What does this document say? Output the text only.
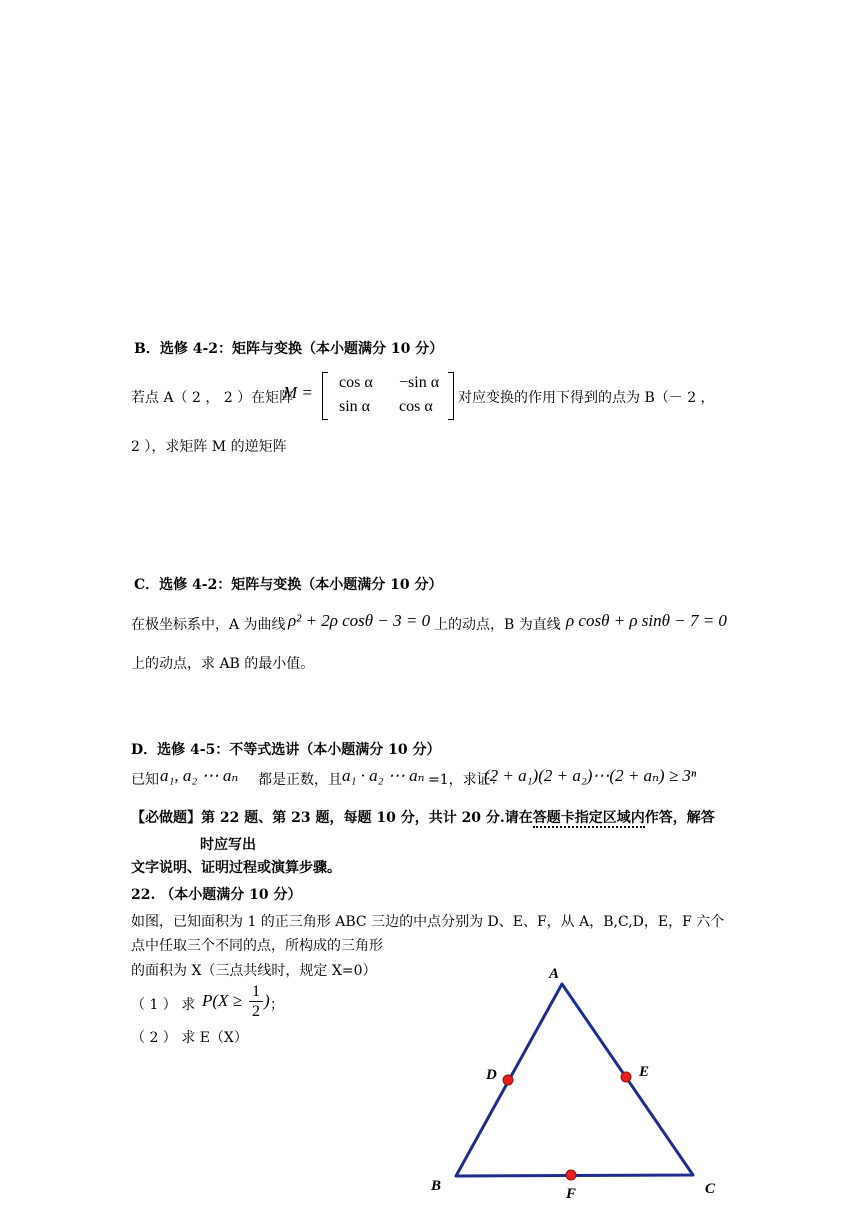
B．选修 4-2：矩阵与变换（本小题满分 10 分）
若点 A（ 2 ， 2 ）在矩阵
M =
cos α −sin α
sin α cos α 对应变换的作用下得到的点为 B（－ 2 ，
2 ），求矩阵 M 的逆矩阵
C．选修 4-2：矩阵与变换（本小题满分 10 分）
在极坐标系中，A 为曲线 ρ² + 2ρ cosθ − 3 = 0 上的动点，B 为直线 ρ cosθ + ρ sinθ − 7 = 0
上的动点，求 AB 的最小值。
D．选修 4-5：不等式选讲（本小题满分 10 分）
已知 a₁, a₂ ⋯ aₙ 都是正数，且 a₁ · a₂ ⋯ aₙ =1，求证：
(2 + a₁)(2 + a₂)⋯(2 + aₙ) ≥ 3ⁿ
【必做题】第 22 题、第 23 题，每题 10 分，共计 20 分.请在答题卡指定区域内作答，解答
时应写出
文字说明、证明过程或演算步骤。
22. （本小题满分 10 分）
如图，已知面积为 1 的正三角形 ABC 三边的中点分别为 D、E、F，从 A，B,C,D，E，F 六个
点中任取三个不同的点，所构成的三角形
的面积为 X（三点共线时，规定 X=0）
（ 1 ） 求 P(X ≥ 1
2
) ；
（ 2 ） 求 E（X）
A
B	C
D	E
F
